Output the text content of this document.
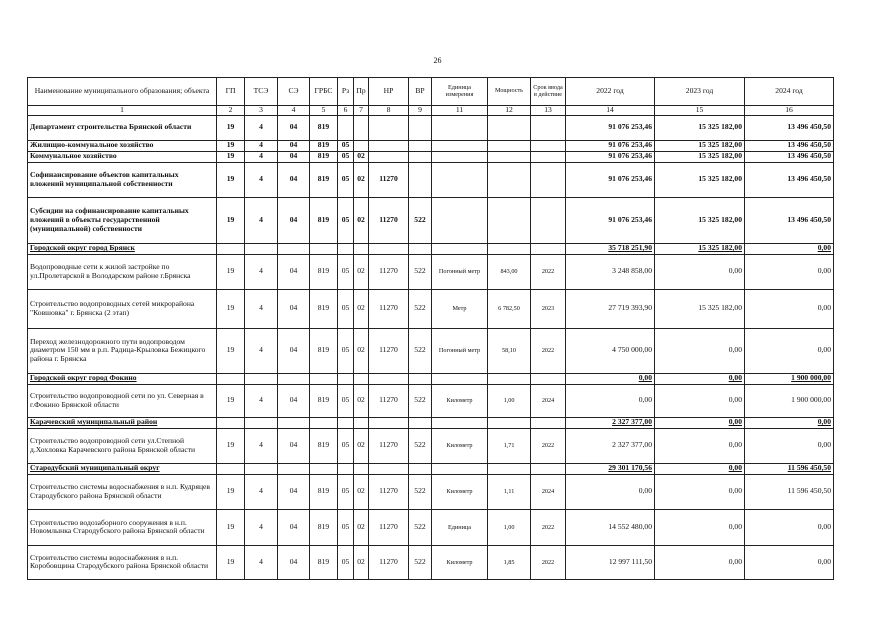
26
Наименование муниципального образования; объекта	ГП	ТСЭ	СЭ	ГРБС	Рз	Пр	НР	ВР	Единица измерения	Мощность	Срок ввода в действие	2022 год	2023 год	2024 год
1	2	3	4	5	6	7	8	9	11	12	13	14	15	16
Департамент строительства Брянской области	19	4	04	819								91 076 253,46	15 325 182,00	13 496 450,50
Жилищно-коммунальное хозяйство	19	4	04	819	05							91 076 253,46	15 325 182,00	13 496 450,50
Коммунальное хозяйство	19	4	04	819	05	02						91 076 253,46	15 325 182,00	13 496 450,50
Софинансирование объектов капитальных вложений муниципальной собственности	19	4	04	819	05	02	11270					91 076 253,46	15 325 182,00	13 496 450,50
Субсидии на софинансирование капитальных вложений в объекты государственной (муниципальной) собственности	19	4	04	819	05	02	11270	522				91 076 253,46	15 325 182,00	13 496 450,50
Городской округ город Брянск												35 718 251,90	15 325 182,00	0,00
Водопроводные сети к жилой застройке по ул.Пролетарской в Володарском районе г.Брянска	19	4	04	819	05	02	11270	522	Погонный метр	843,00	2022	3 248 858,00	0,00	0,00
Строительство водопроводных сетей микрорайона "Ковшовка" г. Брянска (2 этап)	19	4	04	819	05	02	11270	522	Метр	6 782,50	2023	27 719 393,90	15 325 182,00	0,00
Переход железнодорожного пути водопроводом диаметром 150 мм в р.п. Радица-Крыловка Бежицкого района г. Брянска	19	4	04	819	05	02	11270	522	Погонный метр	58,10	2022	4 750 000,00	0,00	0,00
Городской округ город Фокино												0,00	0,00	1 900 000,00
Строительство водопроводной сети по ул. Северная в г.Фокино Брянской области	19	4	04	819	05	02	11270	522	Километр	1,00	2024	0,00	0,00	1 900 000,00
Карачевский муниципальный район												2 327 377,00	0,00	0,00
Строительство водопроводной сети ул.Степной д.Хохловка Карачевского района Брянской области	19	4	04	819	05	02	11270	522	Километр	1,71	2022	2 327 377,00	0,00	0,00
Стародубский муниципальный округ												29 301 170,56	0,00	11 596 450,50
Строительство системы водоснабжения в н.п. Кудряцев Стародубского района Брянской области	19	4	04	819	05	02	11270	522	Километр	1,11	2024	0,00	0,00	11 596 450,50
Строительство водозаборного сооружения в н.п. Новомлынка Стародубского района Брянской области	19	4	04	819	05	02	11270	522	Единица	1,00	2022	14 552 480,00	0,00	0,00
Строительство системы водоснабжения в н.п. Коробовщина Стародубского района Брянской области	19	4	04	819	05	02	11270	522	Километр	1,85	2022	12 997 111,50	0,00	0,00
